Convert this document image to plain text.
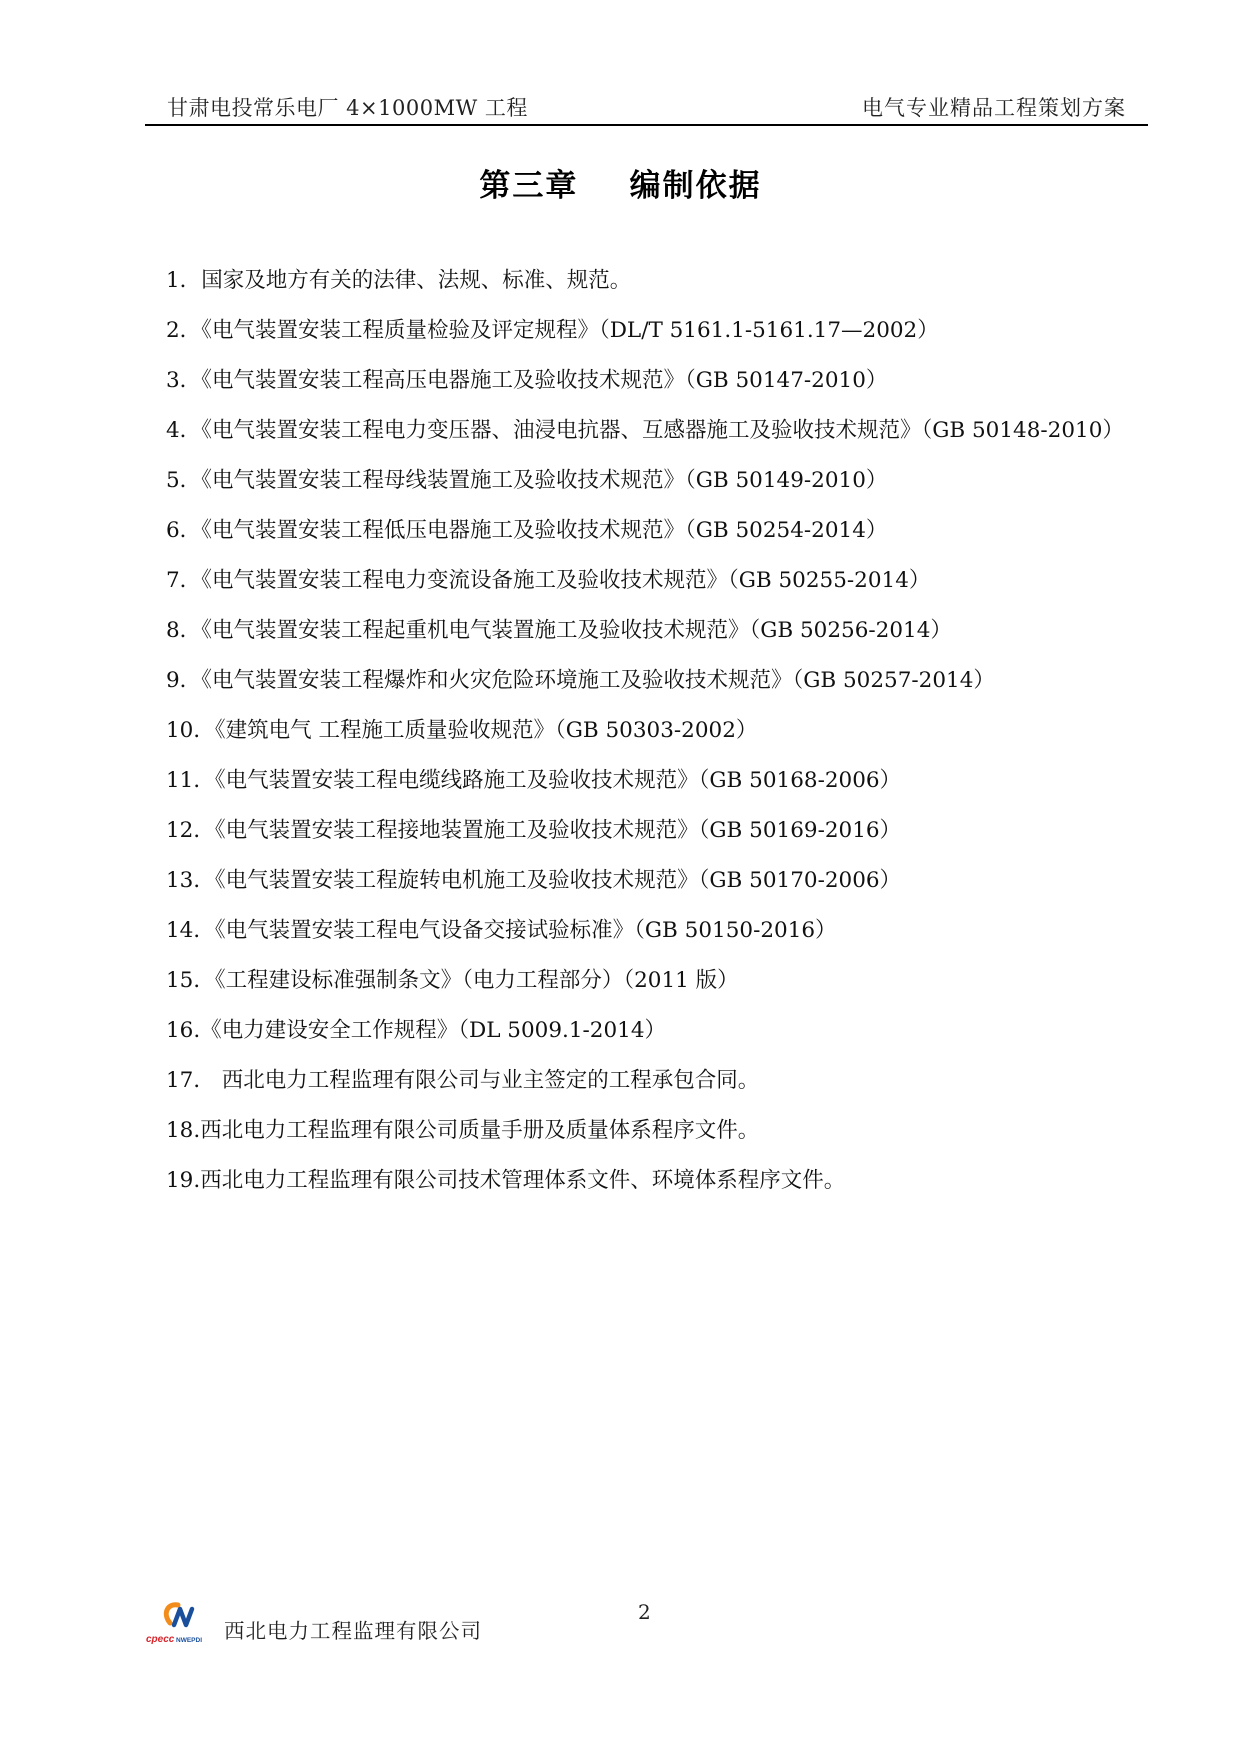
甘肃电投常乐电厂 4×1000MW 工程	电气专业精品工程策划方案
第三章    编制依据
1．国家及地方有关的法律、法规、标准、规范。
2．《电气装置安装工程质量检验及评定规程》（DL/T 5161.1-5161.17—2002）
3．《电气装置安装工程高压电器施工及验收技术规范》（GB 50147-2010）
4．《电气装置安装工程电力变压器、油浸电抗器、互感器施工及验收技术规范》（GB 50148-2010）
5．《电气装置安装工程母线装置施工及验收技术规范》（GB 50149-2010）
6．《电气装置安装工程低压电器施工及验收技术规范》（GB 50254-2014）
7．《电气装置安装工程电力变流设备施工及验收技术规范》（GB 50255-2014）
8．《电气装置安装工程起重机电气装置施工及验收技术规范》（GB 50256-2014）
9．《电气装置安装工程爆炸和火灾危险环境施工及验收技术规范》（GB 50257-2014）
10．《建筑电气 工程施工质量验收规范》（GB 50303-2002）
11．《电气装置安装工程电缆线路施工及验收技术规范》（GB 50168-2006）
12．《电气装置安装工程接地装置施工及验收技术规范》（GB 50169-2016）
13．《电气装置安装工程旋转电机施工及验收技术规范》（GB 50170-2006）
14．《电气装置安装工程电气设备交接试验标准》（GB 50150-2016）
15．《工程建设标准强制条文》（电力工程部分）（2011 版）
16.《电力建设安全工作规程》（DL 5009.1-2014）
17． 西北电力工程监理有限公司与业主签定的工程承包合同。
18.西北电力工程监理有限公司质量手册及质量体系程序文件。
19.西北电力工程监理有限公司技术管理体系文件、环境体系程序文件。
cpecc NWEPDI 西北电力工程监理有限公司
2
